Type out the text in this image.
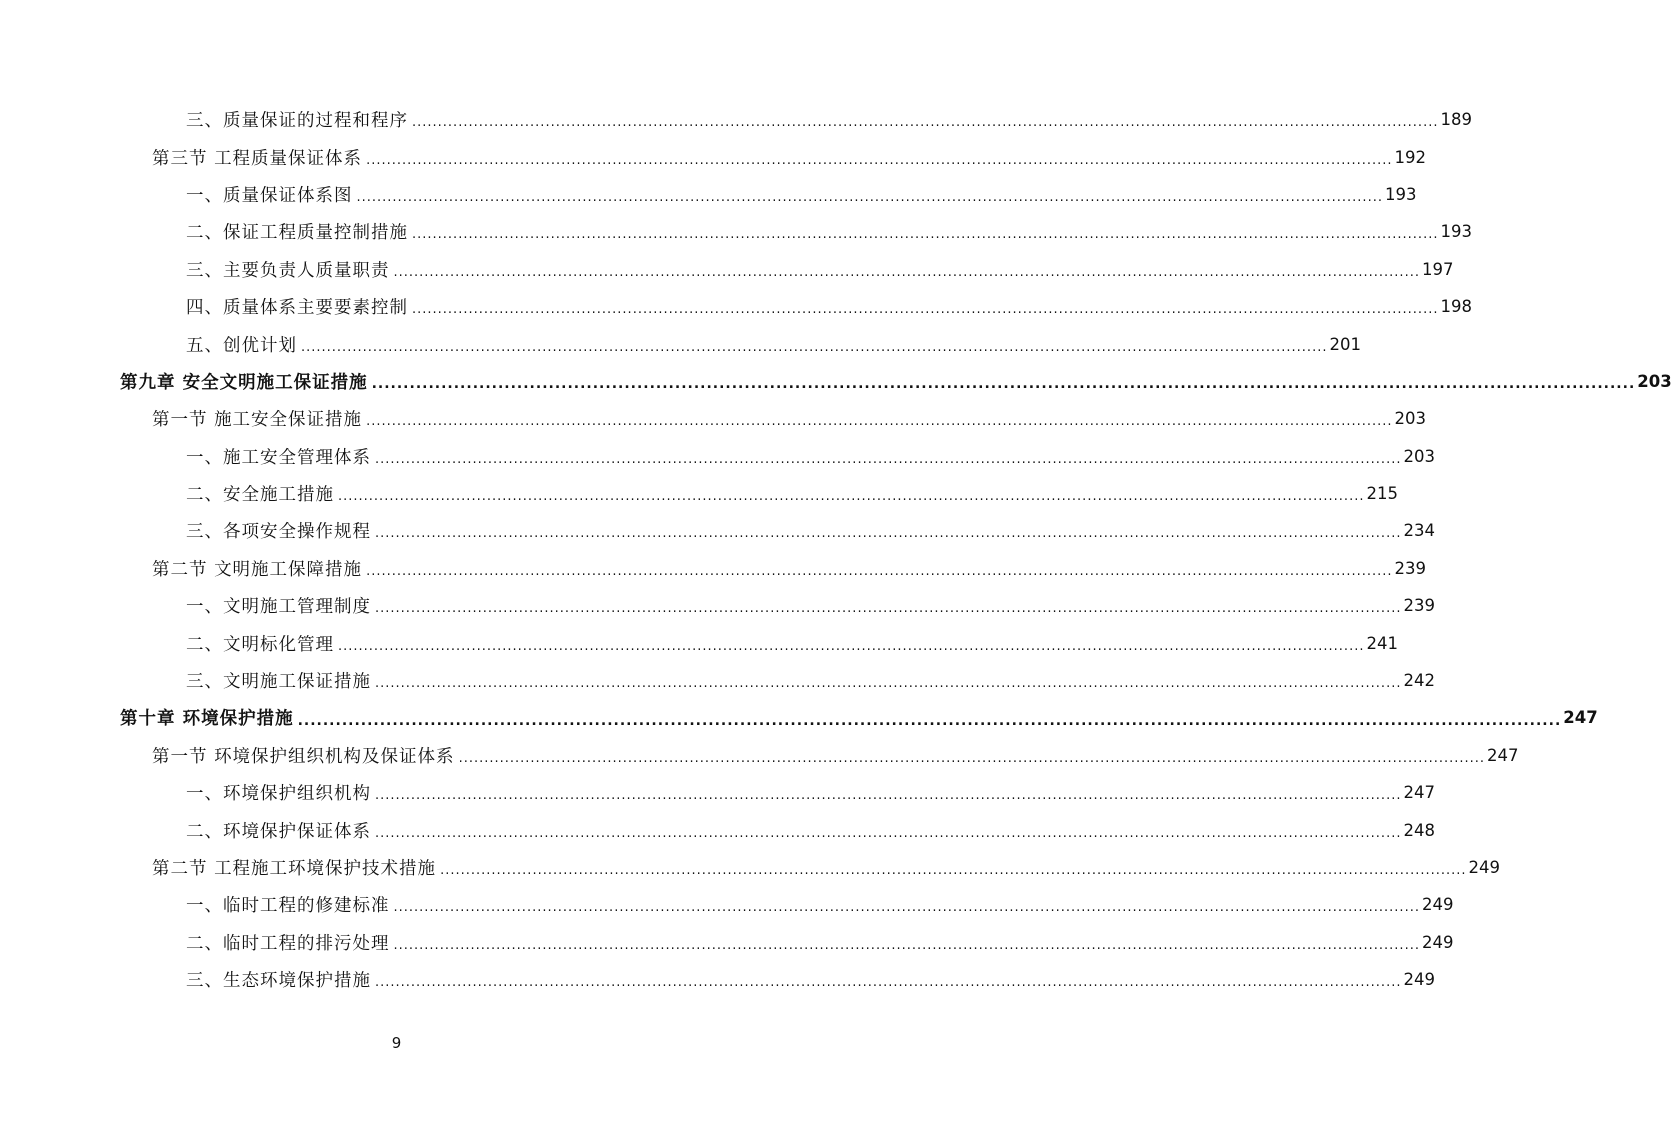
三、质量保证的过程和程序 ........................................................................................................................................................................................................ 189
第三节 工程质量保证体系 ........................................................................................................................................................................................................ 192
一、质量保证体系图 ........................................................................................................................................................................................................ 193
二、保证工程质量控制措施 ........................................................................................................................................................................................................ 193
三、主要负责人质量职责 ........................................................................................................................................................................................................ 197
四、质量体系主要要素控制 ........................................................................................................................................................................................................ 198
五、创优计划 ........................................................................................................................................................................................................ 201
第九章 安全文明施工保证措施 ........................................................................................................................................................................................................ 203
第一节 施工安全保证措施 ........................................................................................................................................................................................................ 203
一、施工安全管理体系 ........................................................................................................................................................................................................ 203
二、安全施工措施 ........................................................................................................................................................................................................ 215
三、各项安全操作规程 ........................................................................................................................................................................................................ 234
第二节 文明施工保障措施 ........................................................................................................................................................................................................ 239
一、文明施工管理制度 ........................................................................................................................................................................................................ 239
二、文明标化管理 ........................................................................................................................................................................................................ 241
三、文明施工保证措施 ........................................................................................................................................................................................................ 242
第十章 环境保护措施 ........................................................................................................................................................................................................ 247
第一节 环境保护组织机构及保证体系 ........................................................................................................................................................................................................ 247
一、环境保护组织机构 ........................................................................................................................................................................................................ 247
二、环境保护保证体系 ........................................................................................................................................................................................................ 248
第二节 工程施工环境保护技术措施 ........................................................................................................................................................................................................ 249
一、临时工程的修建标准 ........................................................................................................................................................................................................ 249
二、临时工程的排污处理 ........................................................................................................................................................................................................ 249
三、生态环境保护措施 ........................................................................................................................................................................................................ 249
9
